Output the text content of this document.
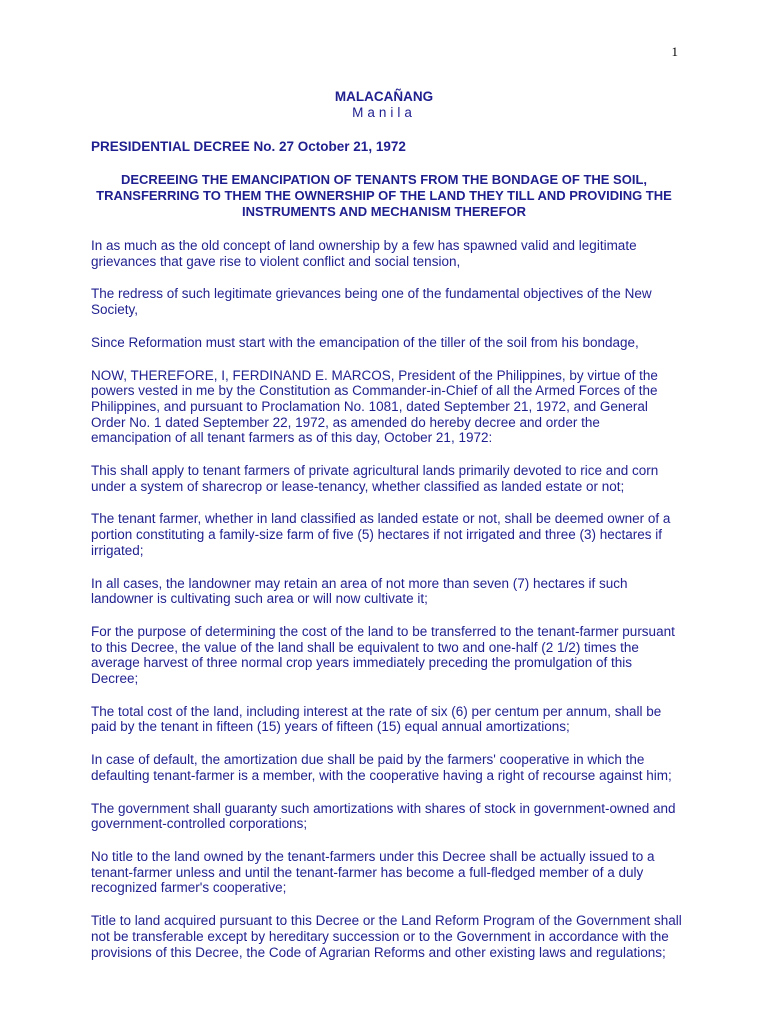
1
MALACAÑANG
Manila
PRESIDENTIAL DECREE No. 27 October 21, 1972
DECREEING THE EMANCIPATION OF TENANTS FROM THE BONDAGE OF THE SOIL, TRANSFERRING TO THEM THE OWNERSHIP OF THE LAND THEY TILL AND PROVIDING THE INSTRUMENTS AND MECHANISM THEREFOR

In as much as the old concept of land ownership by a few has spawned valid and legitimate grievances that gave rise to violent conflict and social tension,

The redress of such legitimate grievances being one of the fundamental objectives of the New Society,

Since Reformation must start with the emancipation of the tiller of the soil from his bondage,

NOW, THEREFORE, I, FERDINAND E. MARCOS, President of the Philippines, by virtue of the powers vested in me by the Constitution as Commander-in-Chief of all the Armed Forces of the Philippines, and pursuant to Proclamation No. 1081, dated September 21, 1972, and General Order No. 1 dated September 22, 1972, as amended do hereby decree and order the emancipation of all tenant farmers as of this day, October 21, 1972:

This shall apply to tenant farmers of private agricultural lands primarily devoted to rice and corn under a system of sharecrop or lease-tenancy, whether classified as landed estate or not;

The tenant farmer, whether in land classified as landed estate or not, shall be deemed owner of a portion constituting a family-size farm of five (5) hectares if not irrigated and three (3) hectares if irrigated;

In all cases, the landowner may retain an area of not more than seven (7) hectares if such landowner is cultivating such area or will now cultivate it;

For the purpose of determining the cost of the land to be transferred to the tenant-farmer pursuant to this Decree, the value of the land shall be equivalent to two and one-half (2 1/2) times the average harvest of three normal crop years immediately preceding the promulgation of this Decree;

The total cost of the land, including interest at the rate of six (6) per centum per annum, shall be paid by the tenant in fifteen (15) years of fifteen (15) equal annual amortizations;

In case of default, the amortization due shall be paid by the farmers' cooperative in which the defaulting tenant-farmer is a member, with the cooperative having a right of recourse against him;

The government shall guaranty such amortizations with shares of stock in government-owned and government-controlled corporations;

No title to the land owned by the tenant-farmers under this Decree shall be actually issued to a tenant-farmer unless and until the tenant-farmer has become a full-fledged member of a duly recognized farmer's cooperative;

Title to land acquired pursuant to this Decree or the Land Reform Program of the Government shall not be transferable except by hereditary succession or to the Government in accordance with the provisions of this Decree, the Code of Agrarian Reforms and other existing laws and regulations;
